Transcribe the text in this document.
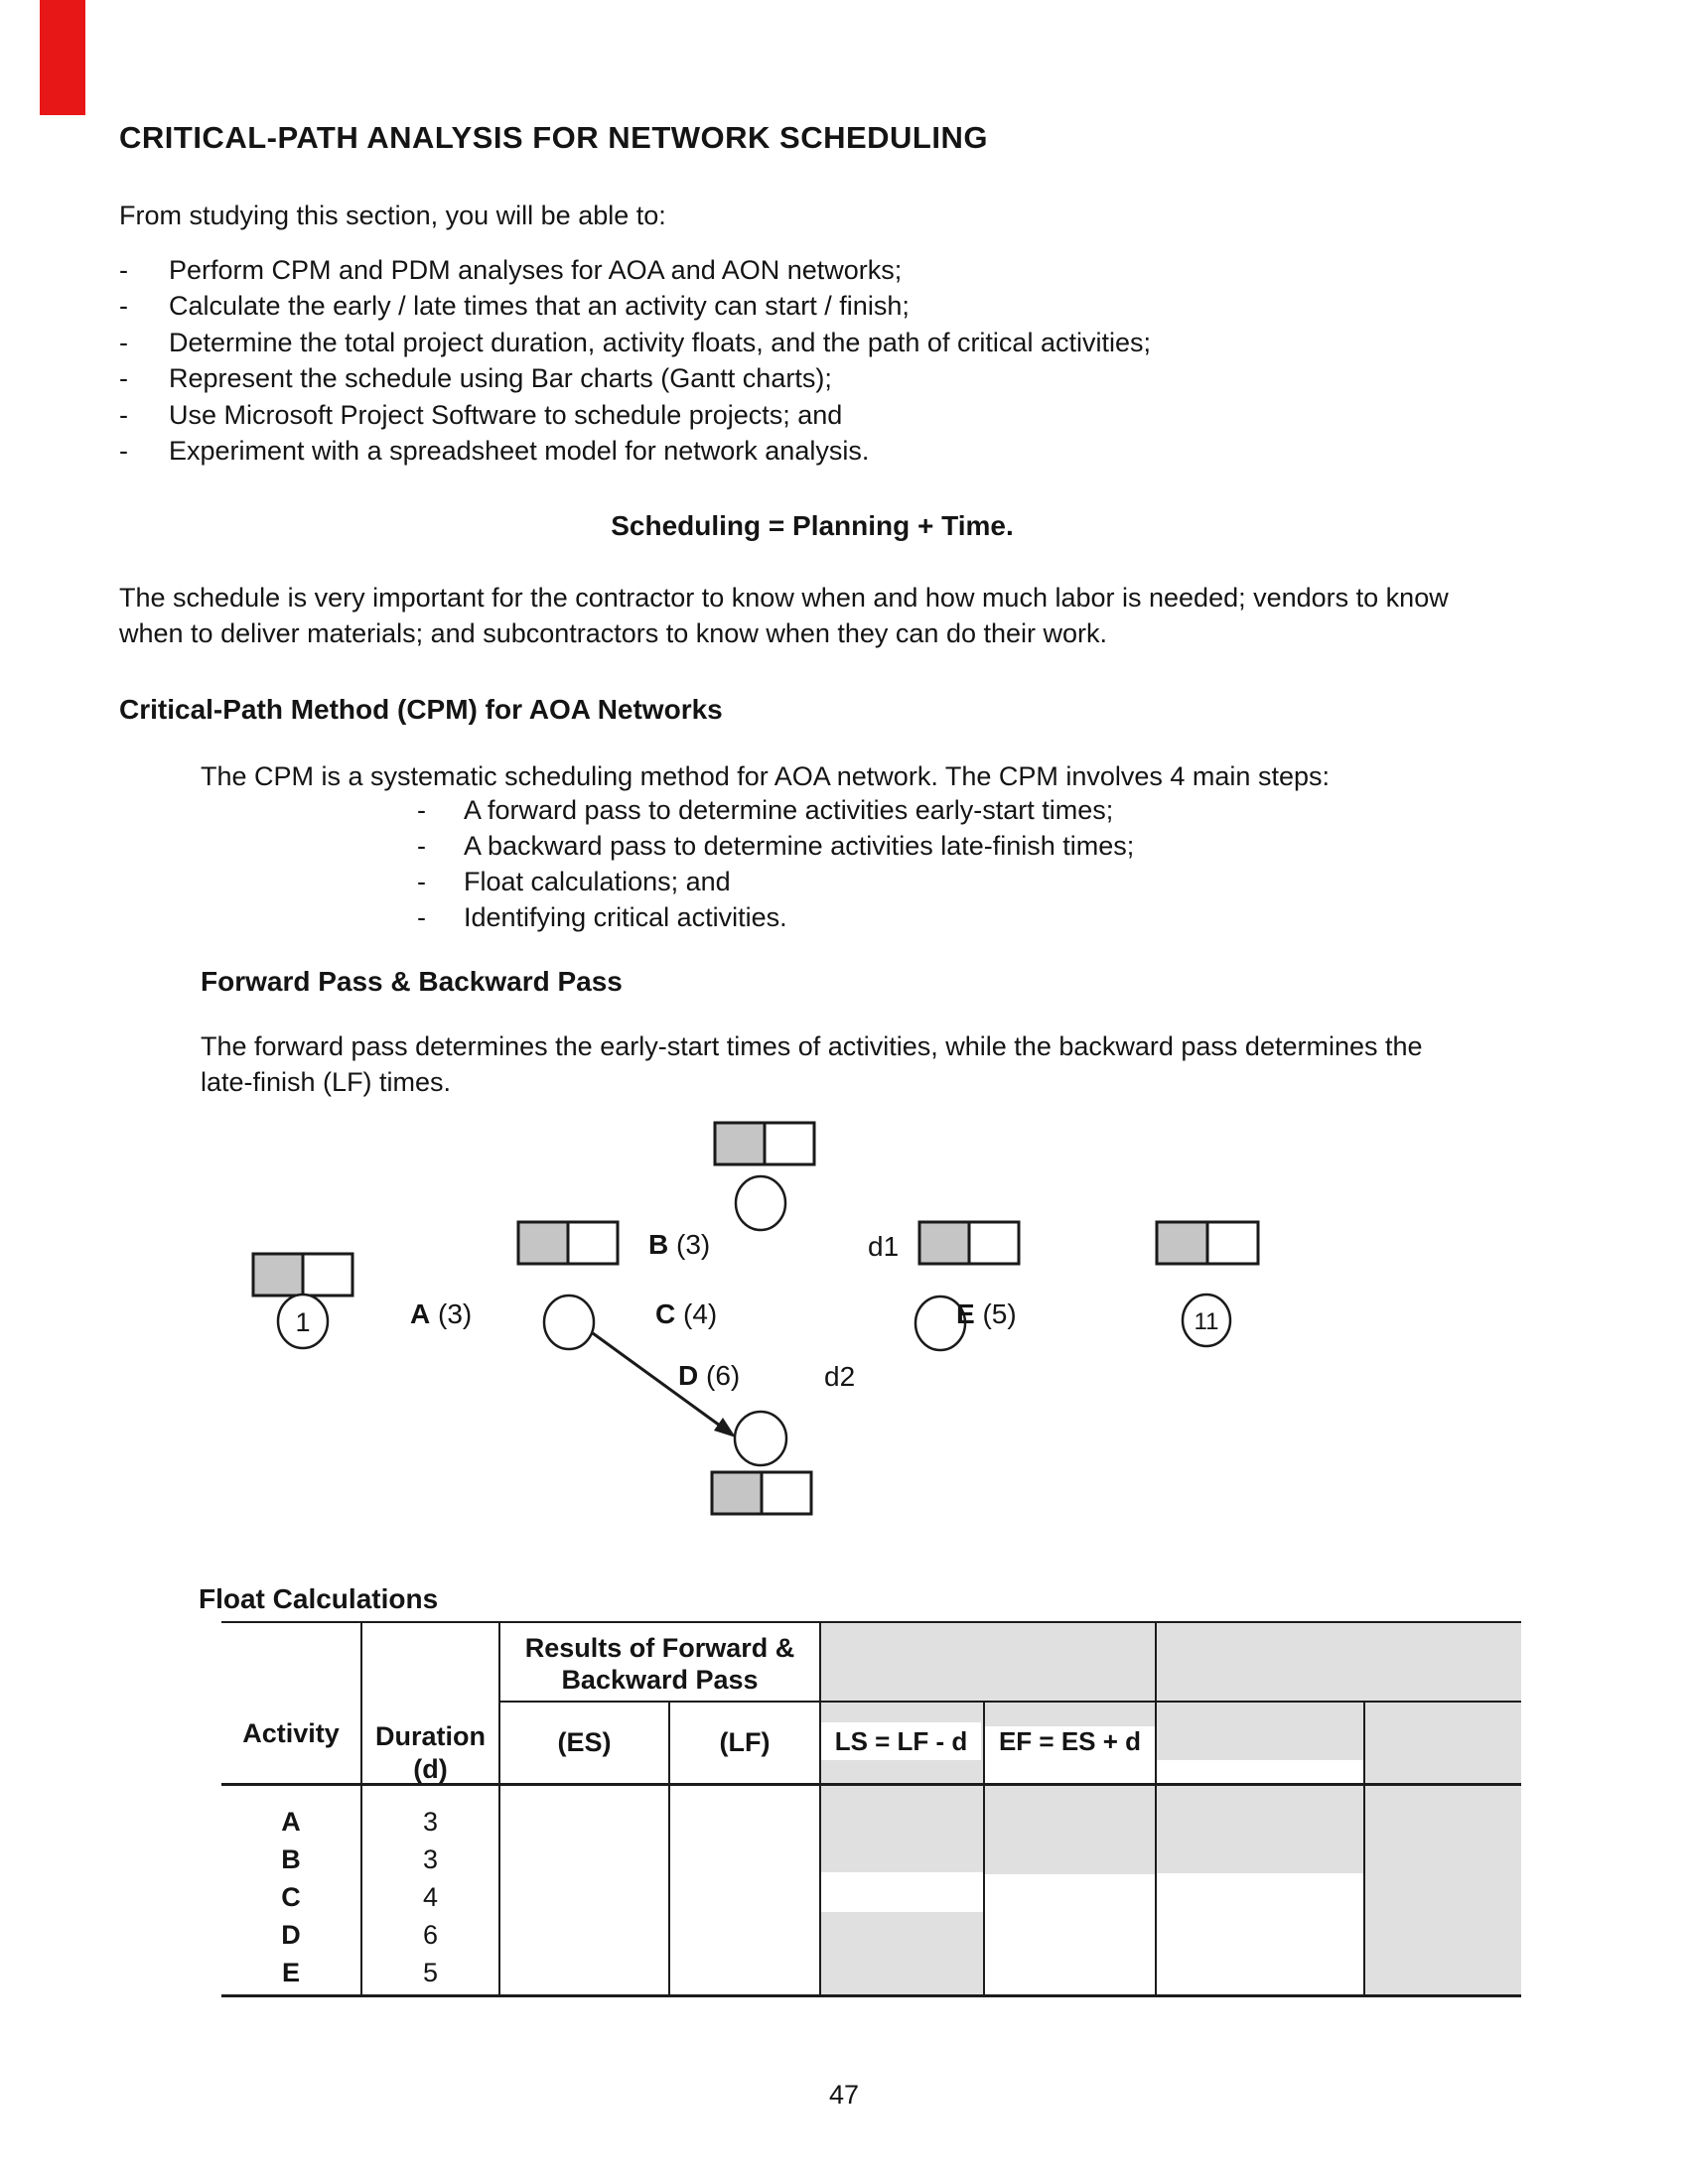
CRITICAL-PATH ANALYSIS FOR NETWORK SCHEDULING
From studying this section, you will be able to:
-	Perform CPM and PDM analyses for AOA and AON networks;
-	Calculate the early / late times that an activity can start / finish;
-	Determine the total project duration, activity floats, and the path of critical activities;
-	Represent the schedule using Bar charts (Gantt charts);
-	Use Microsoft Project Software to schedule projects; and
-	Experiment with a spreadsheet model for network analysis.
Scheduling = Planning + Time.
The schedule is very important for the contractor to know when and how much labor is needed; vendors to know
when to deliver materials; and subcontractors to know when they can do their work.
Critical-Path Method (CPM) for AOA Networks
The CPM is a systematic scheduling method for AOA network. The CPM involves 4 main steps:
-	A forward pass to determine activities early-start times;
-	A backward pass to determine activities late-finish times;
-	Float calculations; and
-	Identifying critical activities.
Forward Pass & Backward Pass
The forward pass determines the early-start times of activities, while the backward pass determines the
late-finish (LF) times.
1	11
A (3)
B (3)
C (4)
D (6)
E (5)
d1
d2
Float Calculations
Results of Forward &
Backward Pass
Activity	Duration
(d)
(ES)	(LF)	LS = LF - d	EF = ES + d
A	3
B	3
C	4
D	6
E	5
47
